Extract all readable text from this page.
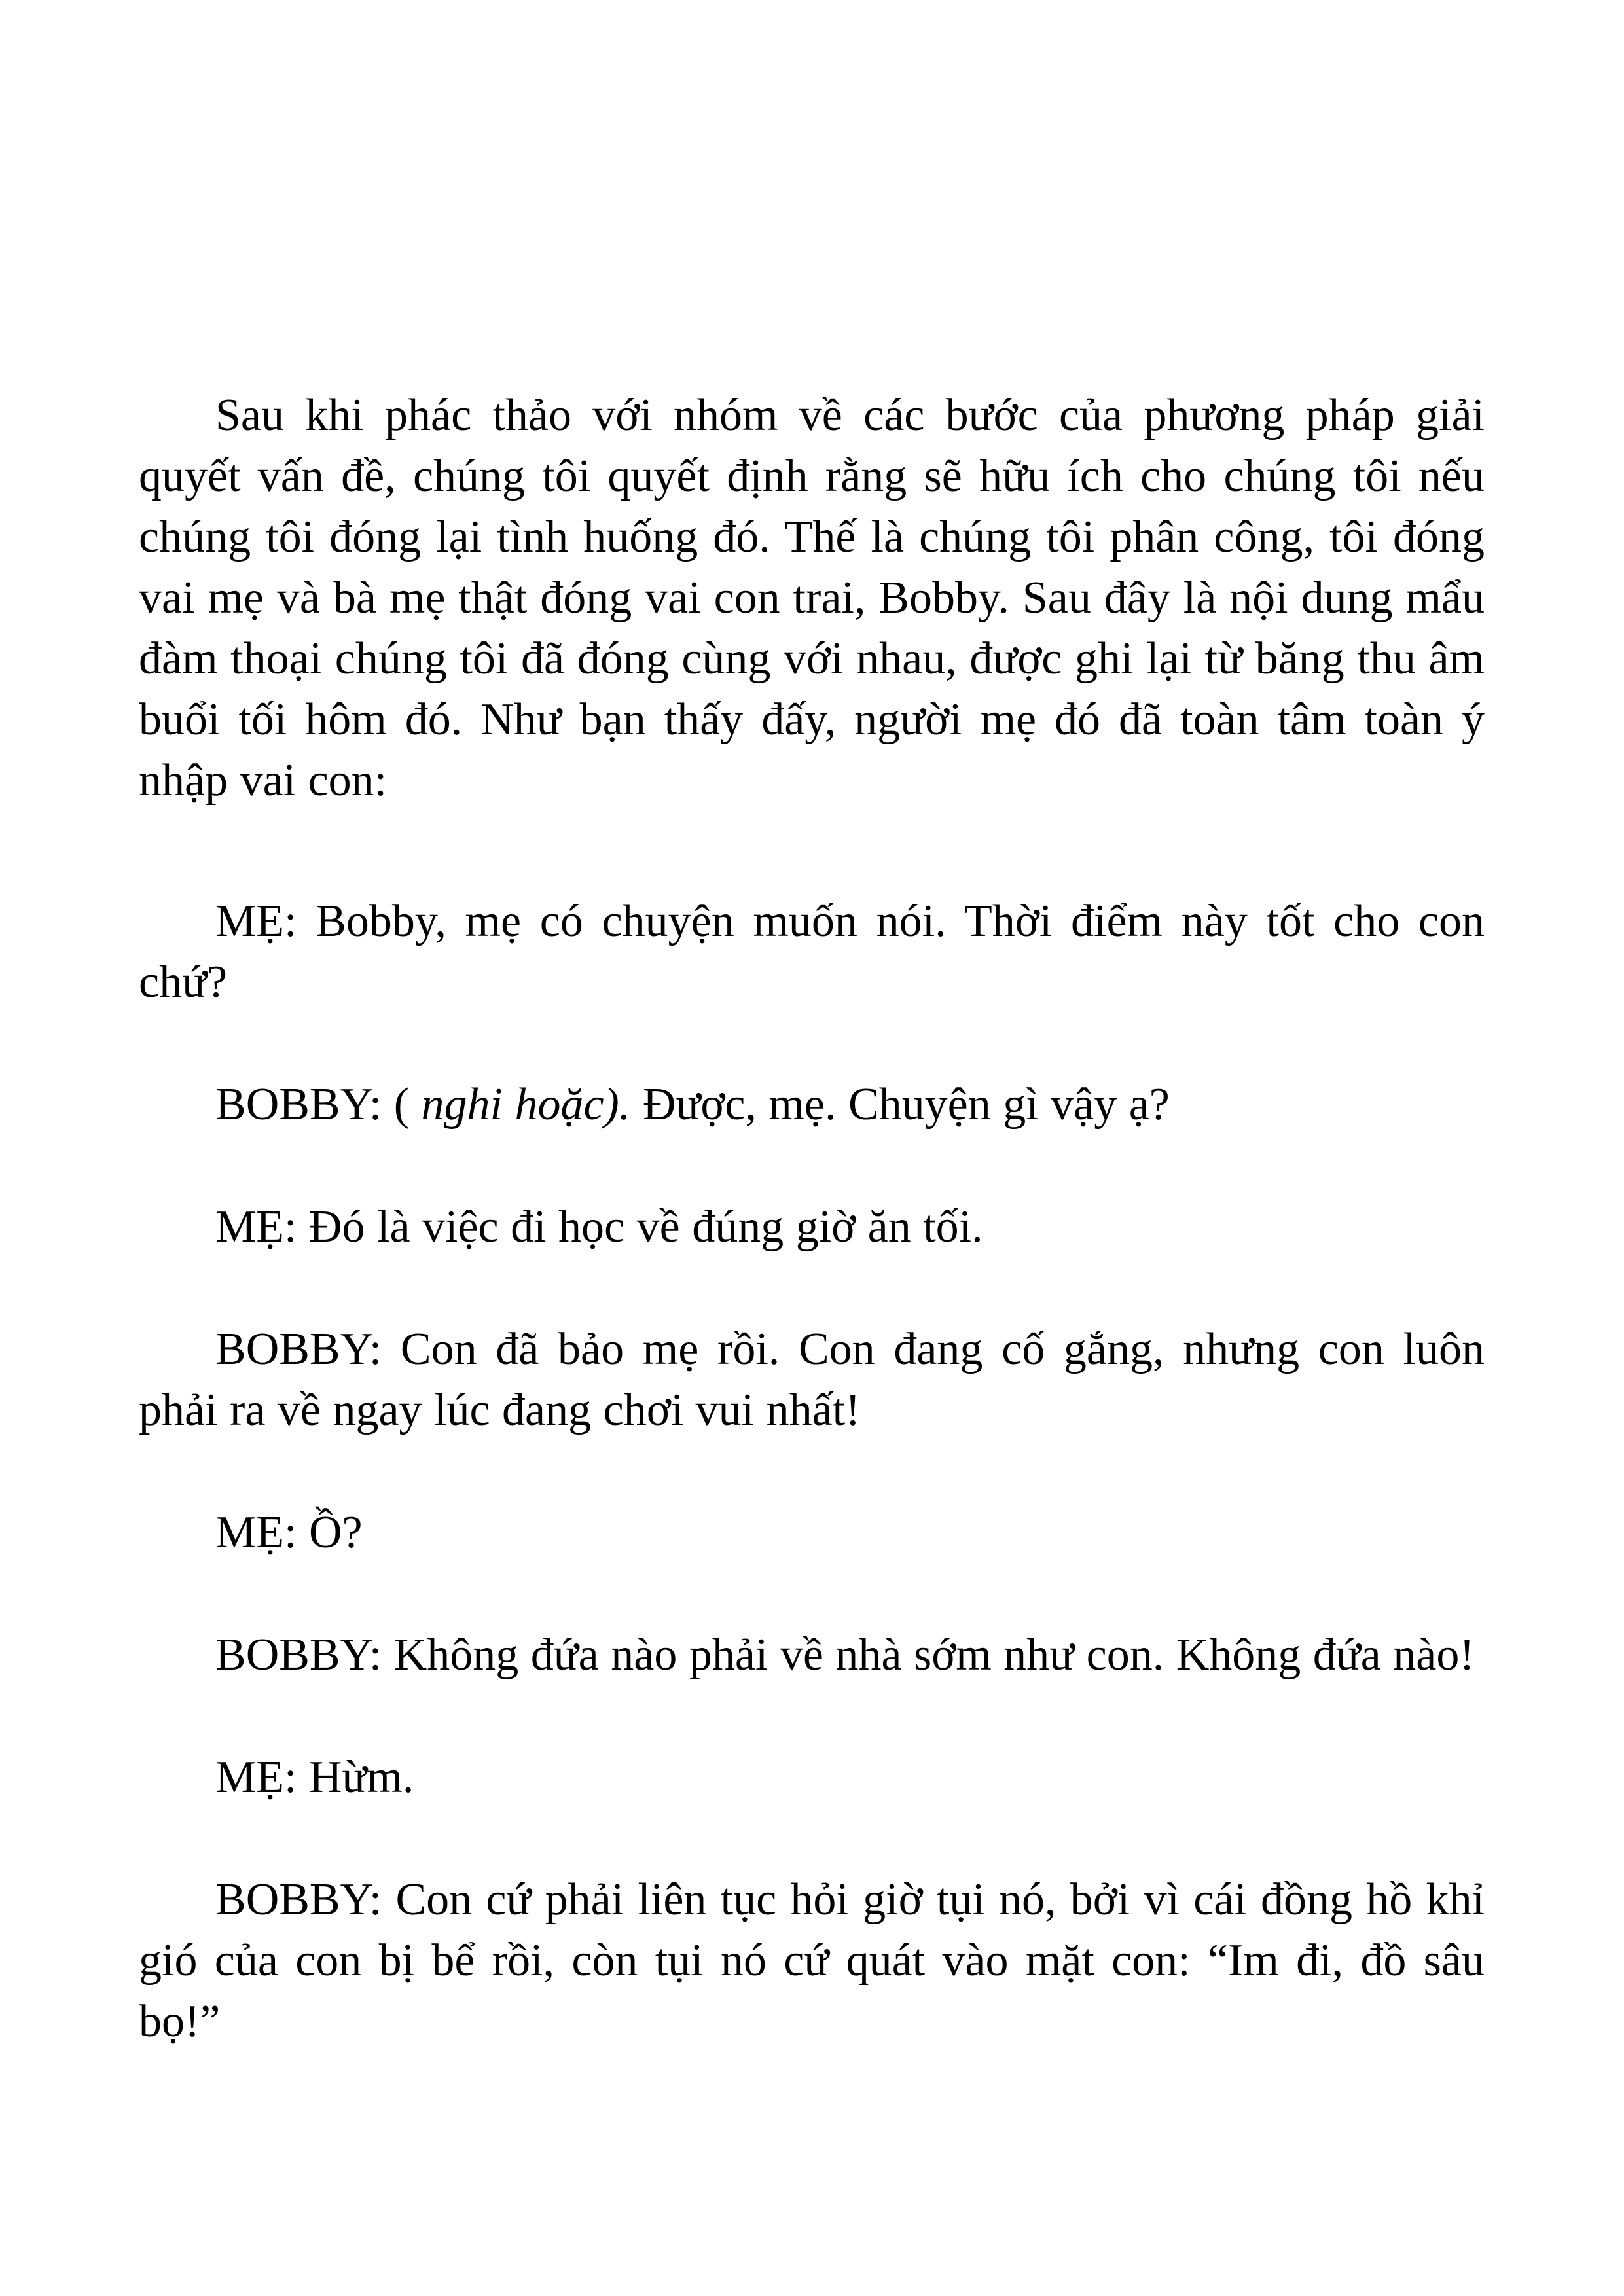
Sau khi phác thảo với nhóm về các bước của phương pháp giải quyết vấn đề, chúng tôi quyết định rằng sẽ hữu ích cho chúng tôi nếu chúng tôi đóng lại tình huống đó. Thế là chúng tôi phân công, tôi đóng vai mẹ và bà mẹ thật đóng vai con trai, Bobby. Sau đây là nội dung mẩu đàm thoại chúng tôi đã đóng cùng với nhau, được ghi lại từ băng thu âm buổi tối hôm đó. Như bạn thấy đấy, người mẹ đó đã toàn tâm toàn ý nhập vai con:

MẸ: Bobby, mẹ có chuyện muốn nói. Thời điểm này tốt cho con chứ?

BOBBY: ( nghi hoặc). Được, mẹ. Chuyện gì vậy ạ?

MẸ: Đó là việc đi học về đúng giờ ăn tối.

BOBBY: Con đã bảo mẹ rồi. Con đang cố gắng, nhưng con luôn phải ra về ngay lúc đang chơi vui nhất!

MẸ: Ồ?

BOBBY: Không đứa nào phải về nhà sớm như con. Không đứa nào!

MẸ: Hừm.

BOBBY: Con cứ phải liên tục hỏi giờ tụi nó, bởi vì cái đồng hồ khỉ gió của con bị bể rồi, còn tụi nó cứ quát vào mặt con: “Im đi, đồ sâu bọ!”
